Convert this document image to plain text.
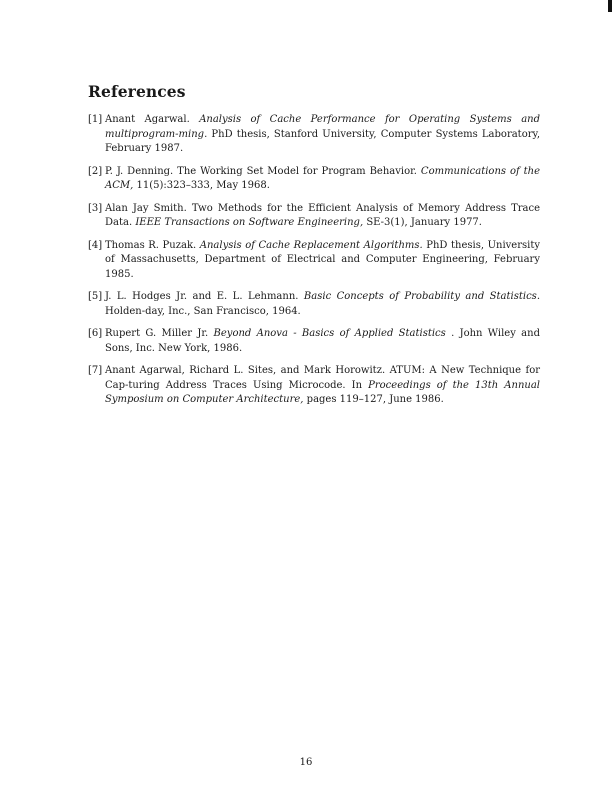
References
[1] Anant Agarwal. Analysis of Cache Performance for Operating Systems and multiprogram-ming. PhD thesis, Stanford University, Computer Systems Laboratory, February 1987.
[2] P. J. Denning. The Working Set Model for Program Behavior. Communications of the ACM, 11(5):323–333, May 1968.
[3] Alan Jay Smith. Two Methods for the Efficient Analysis of Memory Address Trace Data. IEEE Transactions on Software Engineering, SE-3(1), January 1977.
[4] Thomas R. Puzak. Analysis of Cache Replacement Algorithms. PhD thesis, University of Massachusetts, Department of Electrical and Computer Engineering, February 1985.
[5] J. L. Hodges Jr. and E. L. Lehmann. Basic Concepts of Probability and Statistics. Holden-day, Inc., San Francisco, 1964.
[6] Rupert G. Miller Jr. Beyond Anova - Basics of Applied Statistics . John Wiley and Sons, Inc. New York, 1986.
[7] Anant Agarwal, Richard L. Sites, and Mark Horowitz. ATUM: A New Technique for Cap-turing Address Traces Using Microcode. In Proceedings of the 13th Annual Symposium on Computer Architecture, pages 119–127, June 1986.
16
